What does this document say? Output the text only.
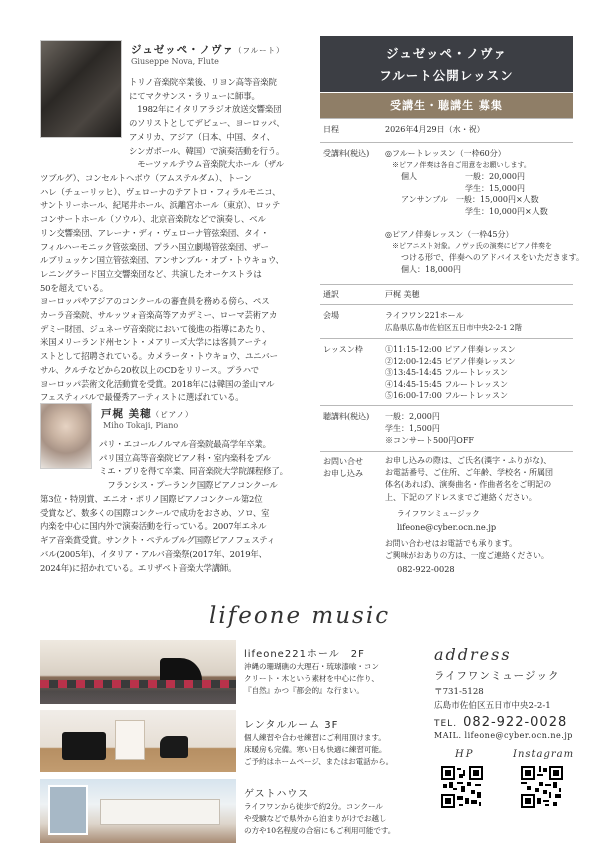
ジュゼッペ・ノヴァ（フルート）
Giuseppe Nova, Flute
トリノ音楽院卒業後、リヨン高等音楽院
にてマクサンス・ラリューに師事。
　1982年にイタリアラジオ放送交響楽団
のソリストとしてデビュー、ヨーロッパ、
アメリカ、アジア（日本、中国、タイ、
シンガポール、韓国）で演奏活動を行う。
　モーツァルテウム音楽院大ホール（ザル
ツブルグ）、コンセルトヘボウ（アムステルダム）、トーン
ハレ（チューリッヒ）、ヴェローナのテアトロ・フィラルモニコ、
サントリーホール、紀尾井ホール、浜離宮ホール（東京）、ロッテ
コンサートホール（ソウル）、北京音楽院などで演奏し、ベル
リン交響楽団、アレーナ・ディ・ヴェローナ管弦楽団、タイ・
フィルハーモニック管弦楽団、プラハ国立劇場管弦楽団、ザー
ルブリュッケン国立管弦楽団、アンサンブル・オブ・トウキョウ、
レニングラード国立交響楽団など、共演したオーケストラは
50を超えている。
ヨーロッパやアジアのコンクールの審査員を務める傍ら、ペス
カーラ音楽院、サルッツォ音楽高等アカデミー、ローマ芸術アカ
デミー財団、ジュネーヴ音楽院において後進の指導にあたり、
米国メリーランド州セント・メアリーズ大学には客員アーティ
ストとして招聘されている。カメラータ・トウキョウ、ユニバー
サル、クルチなどから20枚以上のCDをリリース。プラハで
ヨーロッパ芸術文化活動賞を受賞。2018年には韓国の釜山マル
フェスティバルで最優秀アーティストに選ばれている。
戸梶 美穂（ピアノ）
Miho Tokaji, Piano
パリ・エコールノルマル音楽院最高学年卒業。
パリ国立高等音楽院ピアノ科・室内楽科をブル
ミエ・プリを得て卒業、同音楽院大学院課程修了。
　フランシス・プーランク国際ピアノコンクール
第3位・特別賞、エニオ・ポリノ国際ピアノコンクール第2位
受賞など、数多くの国際コンクールで成功をおさめ、ソロ、室
内楽を中心に国内外で演奏活動を行っている。2007年エネル
ギア音楽賞受賞。サンクト・ペテルブルグ国際ピアノフェスティ
バル(2005年)、イタリア・アルバ音楽祭(2017年、2019年、
2024年)に招かれている。エリザベト音楽大学講師。
ジュゼッペ・ノヴァ
フルート公開レッスン
受講生・聴講生 募集
日程	2026年4月29日（水・祝）
受講料(税込) ◎フルートレッスン（一枠60分）
　※ピアノ伴奏は各自ご用意をお願いします。
　　個人　　　　　　一般：20,000円
　　　　　　　　　　学生：15,000円
　　アンサンブル　一般：15,000円×人数
　　　　　　　　　　学生：10,000円×人数

◎ピアノ伴奏レッスン（一枠45分）
　※ピアニスト対象。ノヴァ氏の演奏にピアノ伴奏を
　　つける形で、伴奏へのアドバイスをいただきます。
　　個人：18,000円
通訳	戸梶 美穂
会場	ライフワン221ホール
広島県広島市佐伯区五日市中央2-2-1 2階
レッスン枠	①11:15-12:00 ピアノ伴奏レッスン
②12:00-12:45 ピアノ伴奏レッスン
③13:45-14:45 フルートレッスン
④14:45-15:45 フルートレッスン
⑤16:00-17:00 フルートレッスン
聴講料(税込) 一般：2,000円
学生：1,500円
※コンサート500円OFF
お問い合せ
お申し込み
お申し込みの際は、ご氏名(漢字・ふりがな)、
お電話番号、ご住所、ご年齢、学校名・所属団
体名(あれば)、演奏曲名・作曲者名をご明記の
上、下記のアドレスまでご連絡ください。
ライフワンミュージック
lifeone@cyber.ocn.ne.jp
お問い合わせはお電話でも承ります。
ご興味がおありの方は、一度ご連絡ください。
082-922-0028
lifeone music
lifeone221ホール　2F
沖縄の珊瑚礁の大理石・琉球漆喰・コン
クリート・木という素材を中心に作り、
『自然』かつ『都会的』な行まい。
レンタルルーム 3F
個人練習や合わせ練習にご利用頂けます。
床暖房も完備。寒い日も快適に練習可能。
ご予約はホームページ、またはお電話から。
ゲストハウス
ライフワンから徒歩で約2分。コンクール
や受験などで県外から泊まりがけでお越し
の方や10名程度の合宿にもご利用可能です。
address
ライフワンミュージック
〒731-5128
広島市佐伯区五日市中央2-2-1
TEL. 082-922-0028
MAIL. lifeone@cyber.ocn.ne.jp
HP	Instagram
